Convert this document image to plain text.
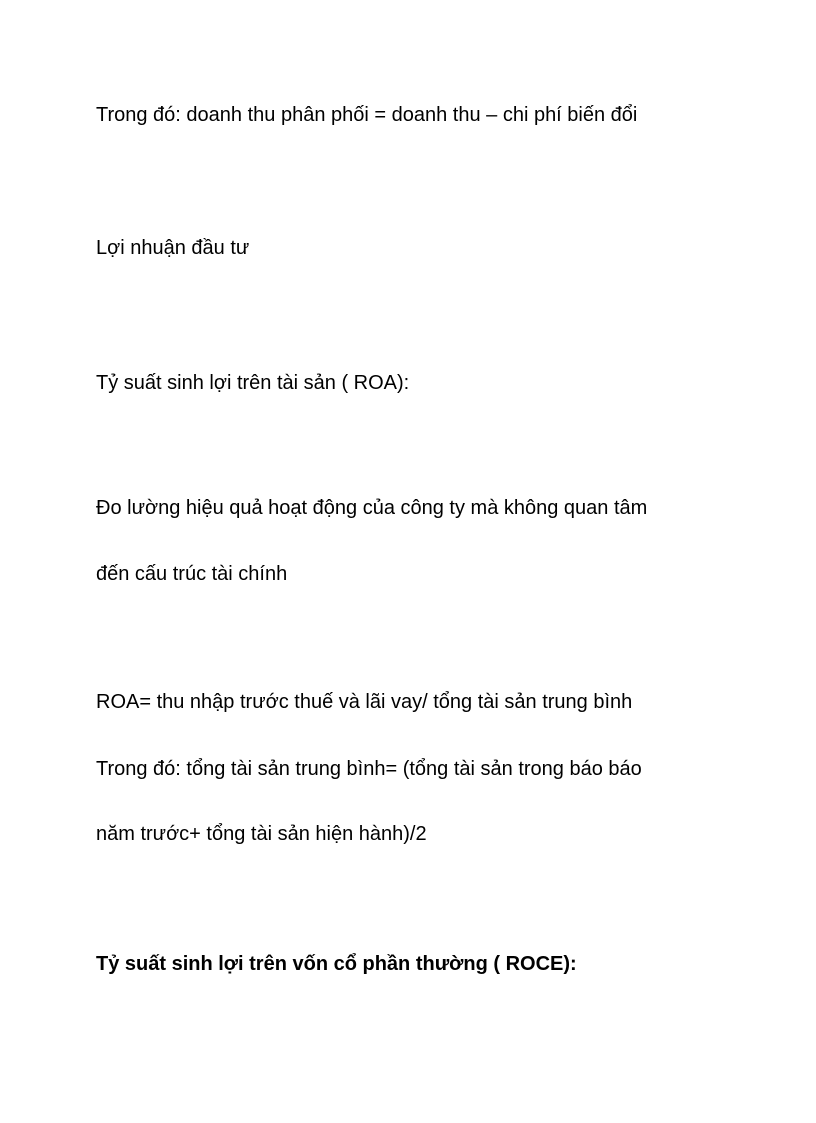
Trong đó: doanh thu phân phối = doanh thu – chi phí biến đổi

Lợi nhuận đầu tư

Tỷ suất sinh lợi trên tài sản ( ROA):

Đo lường hiệu quả hoạt động của công ty mà không quan tâm

đến cấu trúc tài chính

ROA= thu nhập trước thuế và lãi vay/ tổng tài sản trung bình

Trong đó: tổng tài sản trung bình= (tổng tài sản trong báo báo

năm trước+ tổng tài sản hiện hành)/2

Tỷ suất sinh lợi trên vốn cổ phần thường ( ROCE):
